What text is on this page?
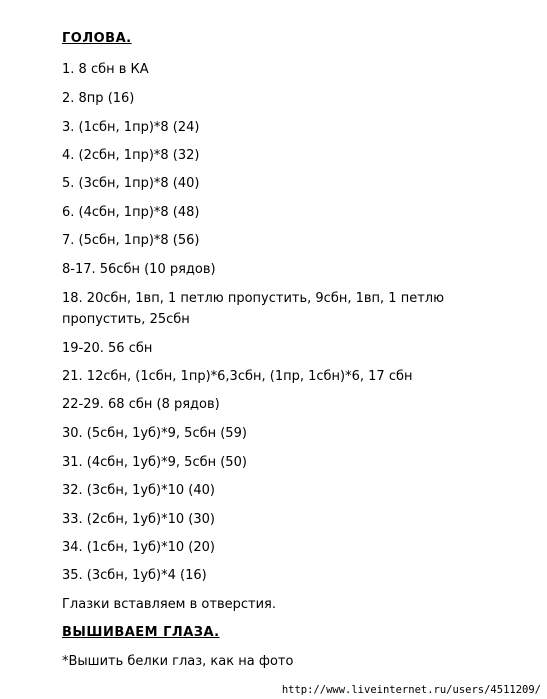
ГОЛОВА.
1. 8 сбн в КА
2. 8пр (16)
3. (1сбн, 1пр)*8 (24)
4. (2сбн, 1пр)*8 (32)
5. (3сбн, 1пр)*8 (40)
6. (4сбн, 1пр)*8 (48)
7. (5сбн, 1пр)*8 (56)
8-17. 56сбн (10 рядов)
18. 20сбн, 1вп, 1 петлю пропустить, 9сбн, 1вп, 1 петлю пропустить, 25сбн
19-20. 56 сбн
21. 12сбн, (1сбн, 1пр)*6,3сбн, (1пр, 1сбн)*6, 17 сбн
22-29. 68 сбн (8 рядов)
30. (5сбн, 1уб)*9, 5сбн (59)
31. (4сбн, 1уб)*9, 5сбн (50)
32. (3сбн, 1уб)*10 (40)
33. (2сбн, 1уб)*10 (30)
34. (1сбн, 1уб)*10 (20)
35. (3сбн, 1уб)*4 (16)
Глазки вставляем в отверстия.
ВЫШИВАЕМ ГЛАЗА.
*Вышить белки глаз, как на фото
http://www.liveinternet.ru/users/4511209/
